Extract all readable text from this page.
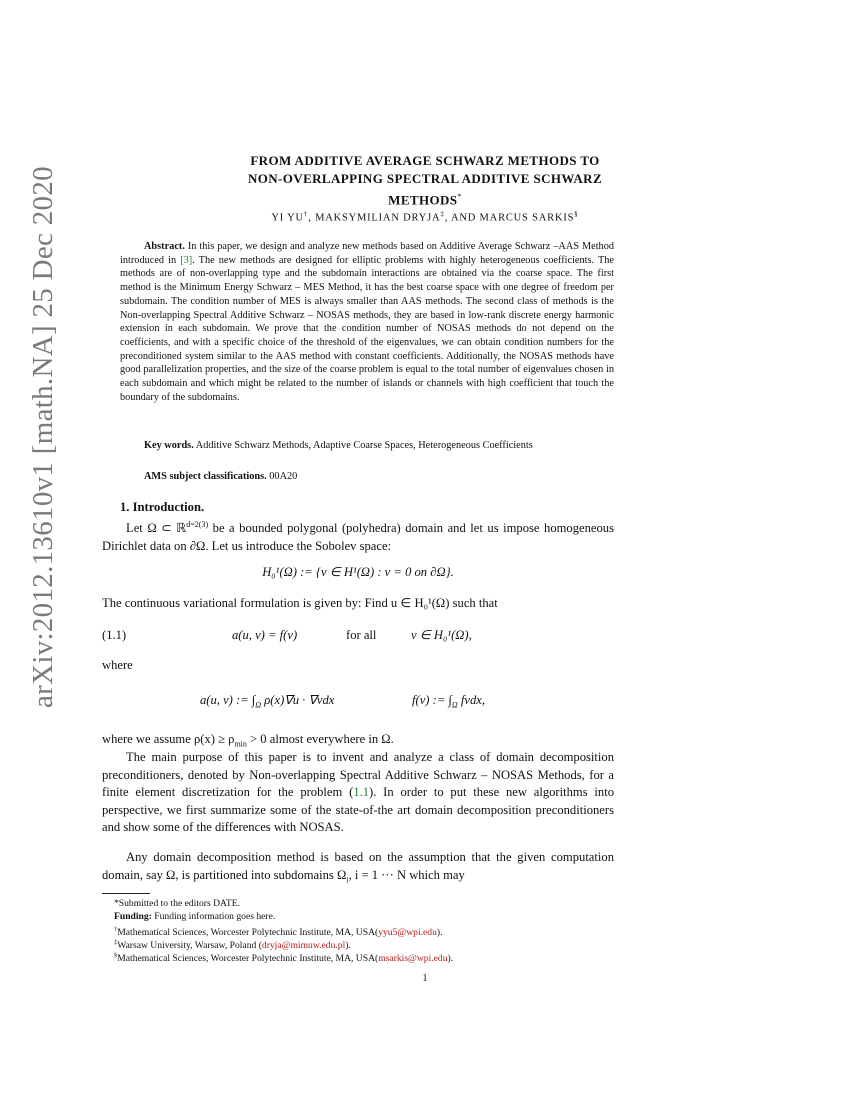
arXiv:2012.13610v1 [math.NA] 25 Dec 2020
FROM ADDITIVE AVERAGE SCHWARZ METHODS TO
NON-OVERLAPPING SPECTRAL ADDITIVE SCHWARZ
METHODS*
YI YU†, MAKSYMILIAN DRYJA‡, AND MARCUS SARKIS§
Abstract. In this paper, we design and analyze new methods based on Additive Average Schwarz –AAS Method introduced in [3]. The new methods are designed for elliptic problems with highly heterogeneous coefficients. The methods are of non-overlapping type and the subdomain interactions are obtained via the coarse space. The first method is the Minimum Energy Schwarz – MES Method, it has the best coarse space with one degree of freedom per subdomain. The condition number of MES is always smaller than AAS methods. The second class of methods is the Non-overlapping Spectral Additive Schwarz – NOSAS methods, they are based in low-rank discrete energy harmonic extension in each subdomain. We prove that the condition number of NOSAS methods do not depend on the coefficients, and with a specific choice of the threshold of the eigenvalues, we can obtain condition numbers for the preconditioned system similar to the AAS method with constant coefficients. Additionally, the NOSAS methods have good parallelization properties, and the size of the coarse problem is equal to the total number of eigenvalues chosen in each subdomain and which might be related to the number of islands or channels with high coefficient that touch the boundary of the subdomains.
Key words. Additive Schwarz Methods, Adaptive Coarse Spaces, Heterogeneous Coefficients
AMS subject classifications. 00A20
1. Introduction.
Let Ω ⊂ ℝ$^{d=2(3)}$ be a bounded polygonal (polyhedra) domain and let us impose homogeneous Dirichlet data on ∂Ω. Let us introduce the Sobolev space:
H₀¹(Ω) := {v ∈ H¹(Ω) : v = 0 on ∂Ω}.
The continuous variational formulation is given by: Find u ∈ H₀¹(Ω) such that
(1.1)	a(u, v) = f(v)	for all	v ∈ H₀¹(Ω),
where
a(u, v) := $\int_\Omega$ ρ(x)∇u · ∇vdx	f(v) := $\int_\Omega$ fvdx,
where we assume $\rho(x) \ge \rho_{min} > 0$ almost everywhere in Ω.
The main purpose of this paper is to invent and analyze a class of domain decomposition preconditioners, denoted by Non-overlapping Spectral Additive Schwarz – NOSAS Methods, for a finite element discretization for the problem (1.1). In order to put these new algorithms into perspective, we first summarize some of the state-of-the art domain decomposition preconditioners and show some of the differences with NOSAS.
Any domain decomposition method is based on the assumption that the given computation domain, say Ω, is partitioned into subdomains $\Omega_i$, i = 1 ··· N which may
*Submitted to the editors DATE.
Funding: Funding information goes here.
†Mathematical Sciences, Worcester Polytechnic Institute, MA, USA(yyu5@wpi.edu).
‡Warsaw University, Warsaw, Poland (dryja@mimuw.edu.pl).
§Mathematical Sciences, Worcester Polytechnic Institute, MA, USA(msarkis@wpi.edu).
1
